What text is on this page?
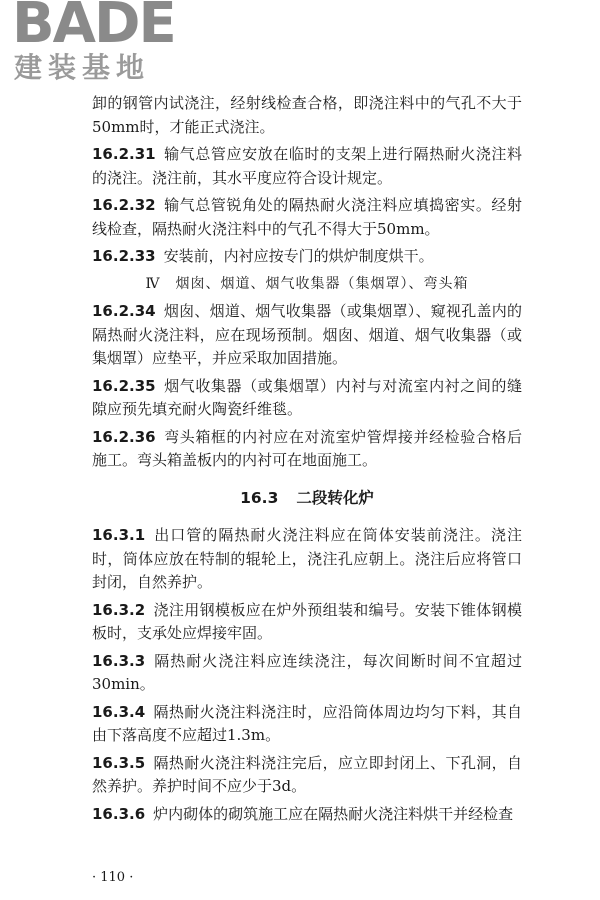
BADE
建装基地

卸的钢管内试浇注，经射线检查合格，即浇注料中的气孔不大于50mm时，才能正式浇注。

16.2.31 输气总管应安放在临时的支架上进行隔热耐火浇注料的浇注。浇注前，其水平度应符合设计规定。

16.2.32 输气总管锐角处的隔热耐火浇注料应填捣密实。经射线检查，隔热耐火浇注料中的气孔不得大于50mm。

16.2.33 安装前，内衬应按专门的烘炉制度烘干。

Ⅳ　烟囱、烟道、烟气收集器（集烟罩）、弯头箱

16.2.34 烟囱、烟道、烟气收集器（或集烟罩）、窥视孔盖内的隔热耐火浇注料，应在现场预制。烟囱、烟道、烟气收集器（或集烟罩）应垫平，并应采取加固措施。

16.2.35 烟气收集器（或集烟罩）内衬与对流室内衬之间的缝隙应预先填充耐火陶瓷纤维毯。

16.2.36 弯头箱框的内衬应在对流室炉管焊接并经检验合格后施工。弯头箱盖板内的内衬可在地面施工。

16.3 二段转化炉

16.3.1 出口管的隔热耐火浇注料应在筒体安装前浇注。浇注时，筒体应放在特制的辊轮上，浇注孔应朝上。浇注后应将管口封闭，自然养护。

16.3.2 浇注用钢模板应在炉外预组装和编号。安装下锥体钢模板时，支承处应焊接牢固。

16.3.3 隔热耐火浇注料应连续浇注，每次间断时间不宜超过30min。

16.3.4 隔热耐火浇注料浇注时，应沿筒体周边均匀下料，其自由下落高度不应超过1.3m。

16.3.5 隔热耐火浇注料浇注完后，应立即封闭上、下孔洞，自然养护。养护时间不应少于3d。

16.3.6 炉内砌体的砌筑施工应在隔热耐火浇注料烘干并经检查

· 110 ·
